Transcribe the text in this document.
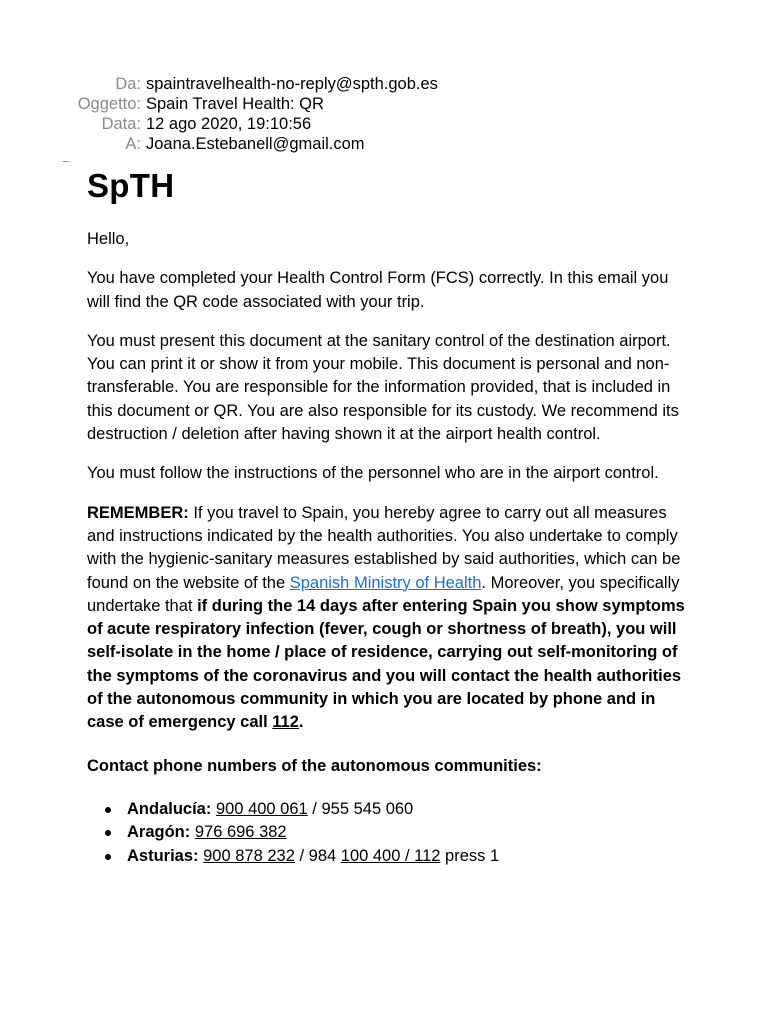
Da: spaintravelhealth-no-reply@spth.gob.es
Oggetto: Spain Travel Health: QR
Data: 12 ago 2020, 19:10:56
A: Joana.Estebanell@gmail.com
SpTH

Hello,

You have completed your Health Control Form (FCS) correctly. In this email you will find the QR code associated with your trip.

You must present this document at the sanitary control of the destination airport. You can print it or show it from your mobile. This document is personal and non-transferable. You are responsible for the information provided, that is included in this document or QR. You are also responsible for its custody. We recommend its destruction / deletion after having shown it at the airport health control.

You must follow the instructions of the personnel who are in the airport control.

REMEMBER: If you travel to Spain, you hereby agree to carry out all measures and instructions indicated by the health authorities. You also undertake to comply with the hygienic-sanitary measures established by said authorities, which can be found on the website of the Spanish Ministry of Health. Moreover, you specifically undertake that if during the 14 days after entering Spain you show symptoms of acute respiratory infection (fever, cough or shortness of breath), you will self-isolate in the home / place of residence, carrying out self-monitoring of the symptoms of the coronavirus and you will contact the health authorities of the autonomous community in which you are located by phone and in case of emergency call 112.

Contact phone numbers of the autonomous communities:
Andalucía: 900 400 061 / 955 545 060
Aragón: 976 696 382
Asturias: 900 878 232 / 984 100 400 / 112 press 1
